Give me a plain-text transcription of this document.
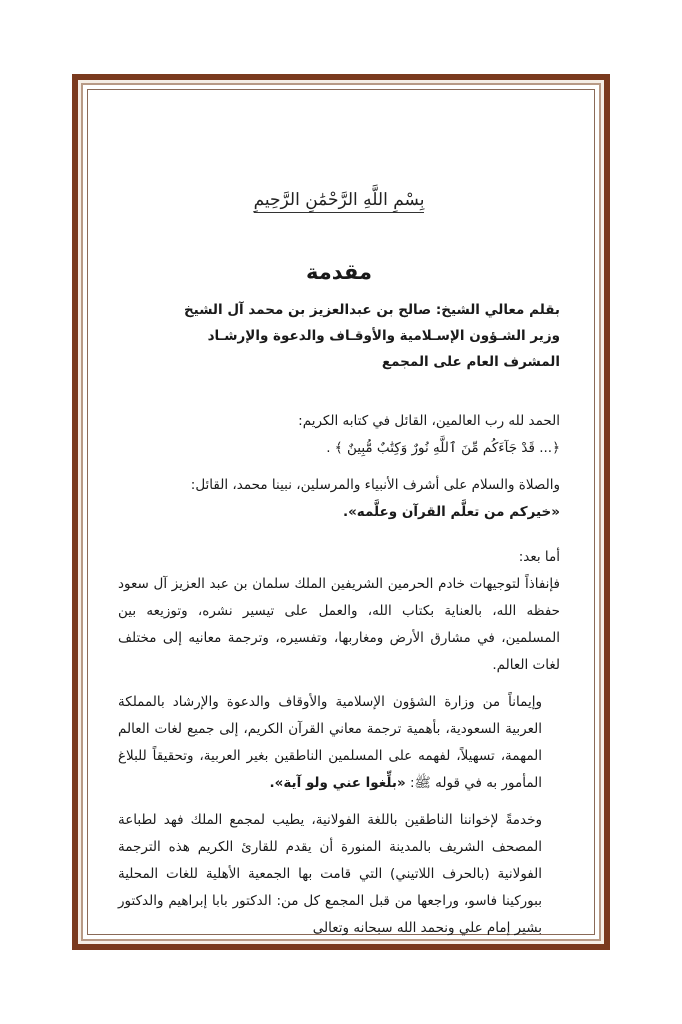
بِسْمِ اللَّهِ الرَّحْمَٰنِ الرَّحِيمِ
مقدمة
بقلم معالي الشيخ: صالح بن عبدالعزيز بن محمد آل الشيخ
وزير الشـؤون الإسـلامية والأوقـاف والدعوة والإرشـاد
المشرف العام على المجمع
الحمد لله رب العالمين، القائل في كتابه الكريم:
﴿... قَدْ جَآءَكُم مِّنَ ٱللَّهِ نُورٌ وَكِتَٰبٌ مُّبِينٌ ﴾ .
والصلاة والسلام على أشرف الأنبياء والمرسلين، نبينا محمد، القائل:
«خيركم من تعلَّم القرآن وعلَّمه».
أما بعد:

فإنفاذاً لتوجيهات خادم الحرمين الشريفين الملك سلمان بن عبد العزيز آل سعود حفظه الله، بالعناية بكتاب الله، والعمل على تيسير نشره، وتوزيعه بين المسلمين، في مشارق الأرض ومغاربها، وتفسيره، وترجمة معانيه إلى مختلف لغات العالم.

وإيماناً من وزارة الشؤون الإسلامية والأوقاف والدعوة والإرشاد بالمملكة العربية السعودية، بأهمية ترجمة معاني القرآن الكريم، إلى جميع لغات العالم المهمة، تسهيلاً، لفهمه على المسلمين الناطقين بغير العربية، وتحقيقاً للبلاغ المأمور به في قوله ﷺ: «بلِّغوا عني ولو آية».

وخدمةً لإخواننا الناطقين باللغة الفولانية، يطيب لمجمع الملك فهد لطباعة المصحف الشريف بالمدينة المنورة أن يقدم للقارئ الكريم هذه الترجمة الفولانية (بالحرف اللاتيني) التي قامت بها الجمعية الأهلية للغات المحلية ببوركينا فاسو، وراجعها من قبل المجمع كل من: الدكتور بابا إبراهيم والدكتور بشير إمام علي ونحمد الله سبحانه وتعالى
